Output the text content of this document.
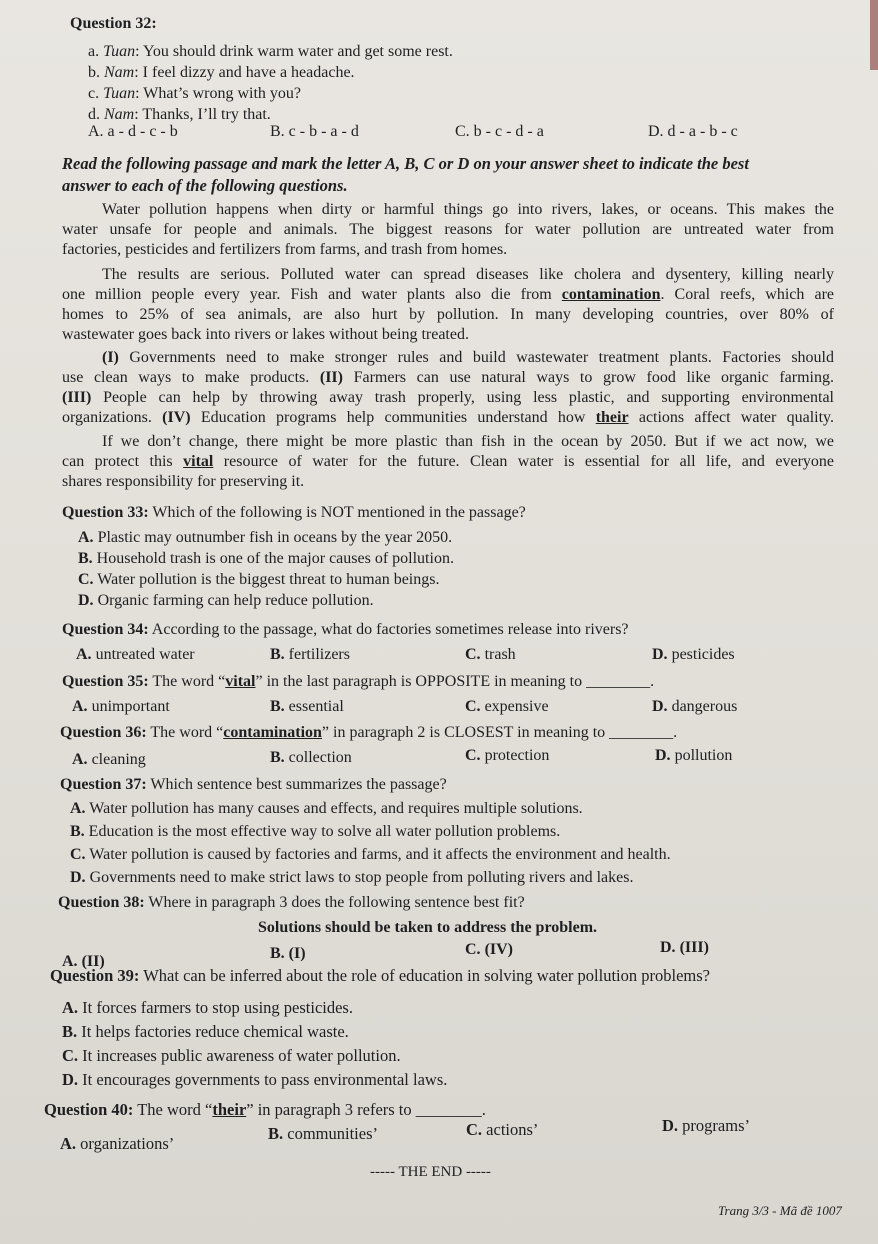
Question 32:
a. Tuan: You should drink warm water and get some rest.
b. Nam: I feel dizzy and have a headache.
c. Tuan: What’s wrong with you?
d. Nam: Thanks, I’ll try that.
A. a - d - c - b	B. c - b - a - d	C. b - c - d - a	D. d - a - b - c
Read the following passage and mark the letter A, B, C or D on your answer sheet to indicate the best
answer to each of the following questions.
Water pollution happens when dirty or harmful things go into rivers, lakes, or oceans. This makes the
water unsafe for people and animals. The biggest reasons for water pollution are untreated water from
factories, pesticides and fertilizers from farms, and trash from homes.
The results are serious. Polluted water can spread diseases like cholera and dysentery, killing nearly
one million people every year. Fish and water plants also die from contamination. Coral reefs, which are
homes to 25% of sea animals, are also hurt by pollution. In many developing countries, over 80% of
wastewater goes back into rivers or lakes without being treated.
(I) Governments need to make stronger rules and build wastewater treatment plants. Factories should
use clean ways to make products. (II) Farmers can use natural ways to grow food like organic farming.
(III) People can help by throwing away trash properly, using less plastic, and supporting environmental
organizations. (IV) Education programs help communities understand how their actions affect water quality.
If we don’t change, there might be more plastic than fish in the ocean by 2050. But if we act now, we
can protect this vital resource of water for the future. Clean water is essential for all life, and everyone
shares responsibility for preserving it.
Question 33: Which of the following is NOT mentioned in the passage?
A. Plastic may outnumber fish in oceans by the year 2050.
B. Household trash is one of the major causes of pollution.
C. Water pollution is the biggest threat to human beings.
D. Organic farming can help reduce pollution.
Question 34: According to the passage, what do factories sometimes release into rivers?
A. untreated water	B. fertilizers	C. trash	D. pesticides
Question 35: The word “vital” in the last paragraph is OPPOSITE in meaning to ________.
A. unimportant	B. essential	C. expensive	D. dangerous
Question 36: The word “contamination” in paragraph 2 is CLOSEST in meaning to ________.
A. cleaning	B. collection	C. protection	D. pollution
Question 37: Which sentence best summarizes the passage?
A. Water pollution has many causes and effects, and requires multiple solutions.
B. Education is the most effective way to solve all water pollution problems.
C. Water pollution is caused by factories and farms, and it affects the environment and health.
D. Governments need to make strict laws to stop people from polluting rivers and lakes.
Question 38: Where in paragraph 3 does the following sentence best fit?
Solutions should be taken to address the problem.
A. (II)	B. (I)	C. (IV)	D. (III)
Question 39: What can be inferred about the role of education in solving water pollution problems?
A. It forces farmers to stop using pesticides.
B. It helps factories reduce chemical waste.
C. It increases public awareness of water pollution.
D. It encourages governments to pass environmental laws.
Question 40: The word “their” in paragraph 3 refers to ________.
A. organizations’
B. communities’	C. actions’	D. programs’
----- THE END -----
Trang 3/3 - Mã đề 1007
